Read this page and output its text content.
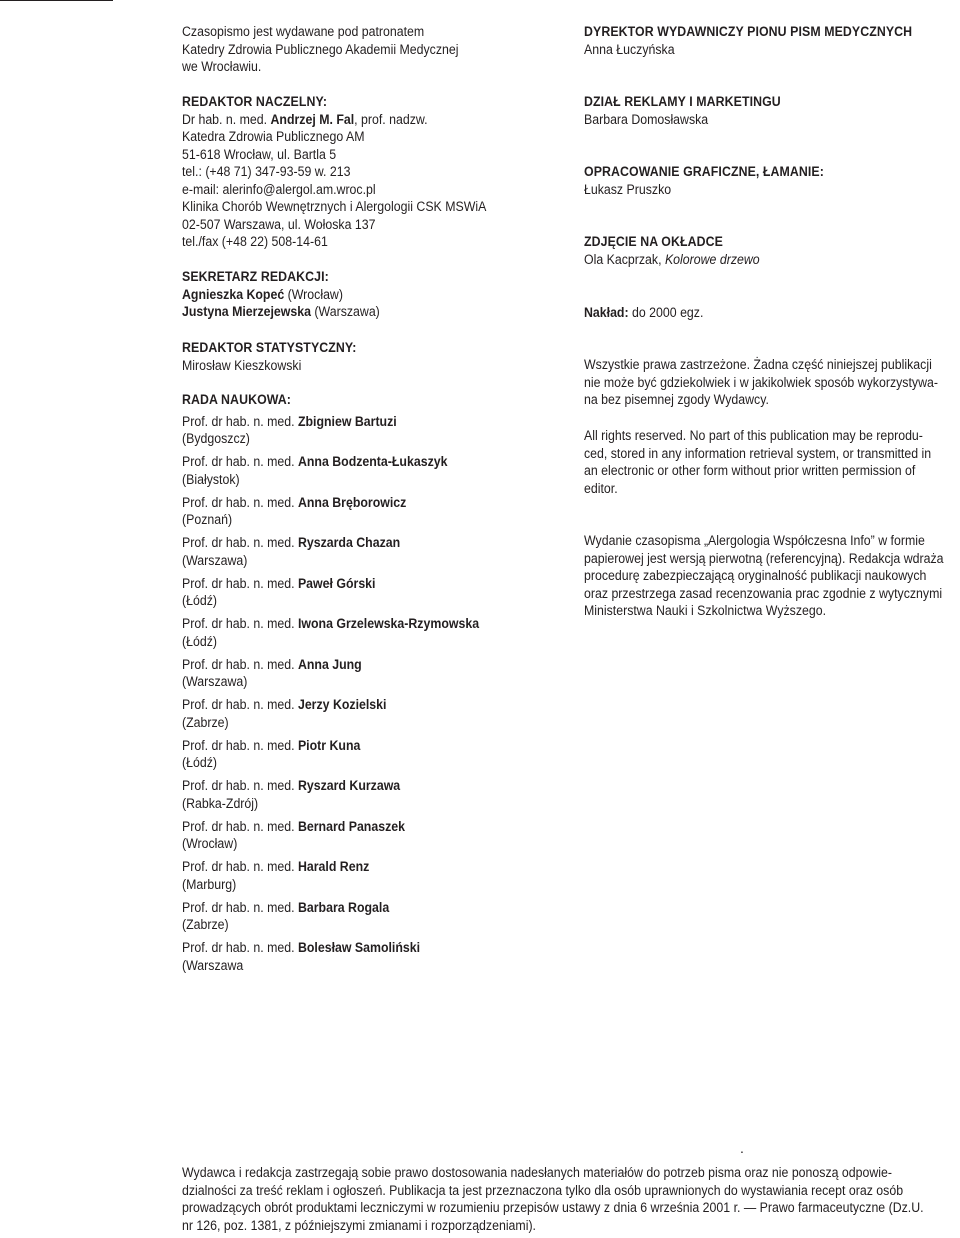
Czasopismo jest wydawane pod patronatem
Katedry Zdrowia Publicznego Akademii Medycznej
we Wrocławiu.
REDAKTOR NACZELNY:
Dr hab. n. med. Andrzej M. Fal, prof. nadzw.
Katedra Zdrowia Publicznego AM
51-618 Wrocław, ul. Bartla 5
tel.: (+48 71) 347-93-59 w. 213
e-mail: alerinfo@alergol.am.wroc.pl
Klinika Chorób Wewnętrznych i Alergologii CSK MSWiA
02-507 Warszawa, ul. Wołoska 137
tel./fax (+48 22) 508-14-61
SEKRETARZ REDAKCJI:
Agnieszka Kopeć (Wrocław)
Justyna Mierzejewska (Warszawa)
REDAKTOR STATYSTYCZNY:
Mirosław Kieszkowski
RADA NAUKOWA:
Prof. dr hab. n. med. Zbigniew Bartuzi
(Bydgoszcz)
Prof. dr hab. n. med. Anna Bodzenta-Łukaszyk
(Białystok)
Prof. dr hab. n. med. Anna Bręborowicz
(Poznań)
Prof. dr hab. n. med. Ryszarda Chazan
(Warszawa)
Prof. dr hab. n. med. Paweł Górski
(Łódź)
Prof. dr hab. n. med. Iwona Grzelewska-Rzymowska
(Łódź)
Prof. dr hab. n. med. Anna Jung
(Warszawa)
Prof. dr hab. n. med. Jerzy Kozielski
(Zabrze)
Prof. dr hab. n. med. Piotr Kuna
(Łódź)
Prof. dr hab. n. med. Ryszard Kurzawa
(Rabka-Zdrój)
Prof. dr hab. n. med. Bernard Panaszek
(Wrocław)
Prof. dr hab. n. med. Harald Renz
(Marburg)
Prof. dr hab. n. med. Barbara Rogala
(Zabrze)
Prof. dr hab. n. med. Bolesław Samoliński
(Warszawa
DYREKTOR WYDAWNICZY PIONU PISM MEDYCZNYCH
Anna Łuczyńska
DZIAŁ REKLAMY I MARKETINGU
Barbara Domosławska
OPRACOWANIE GRAFICZNE, ŁAMANIE:
Łukasz Pruszko
ZDJĘCIE NA OKŁADCE
Ola Kacprzak, Kolorowe drzewo
Nakład: do 2000 egz.
Wszystkie prawa zastrzeżone. Żadna część niniejszej publikacji
nie może być gdziekolwiek i w jakikolwiek sposób wykorzystywa-
na bez pisemnej zgody Wydawcy.
All rights reserved. No part of this publication may be reprodu-
ced, stored in any information retrieval system, or transmitted in
an electronic or other form without prior written permission of
editor.
Wydanie czasopisma „Alergologia Współczesna Info” w formie
papierowej jest wersją pierwotną (referencyjną). Redakcja wdraża
procedurę zabezpieczającą oryginalność publikacji naukowych
oraz przestrzega zasad recenzowania prac zgodnie z wytycznymi
Ministerstwa Nauki i Szkolnictwa Wyższego.
.
Wydawca i redakcja zastrzegają sobie prawo dostosowania nadesłanych materiałów do potrzeb pisma oraz nie ponoszą odpowie-
dzialności za treść reklam i ogłoszeń. Publikacja ta jest przeznaczona tylko dla osób uprawnionych do wystawiania recept oraz osób
prowadzących obrót produktami leczniczymi w rozumieniu przepisów ustawy z dnia 6 września 2001 r. — Prawo farmaceutyczne (Dz.U.
nr 126, poz. 1381, z późniejszymi zmianami i rozporządzeniami).
